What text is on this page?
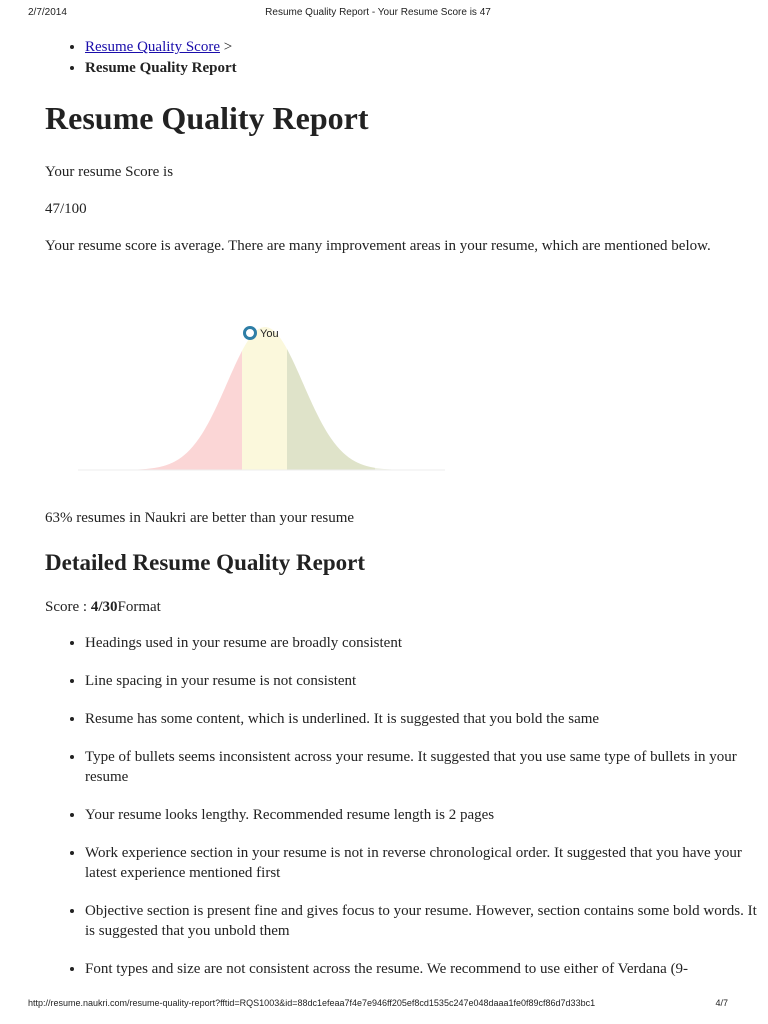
2/7/2014	Resume Quality Report - Your Resume Score is 47
• Resume Quality Score >
• Resume Quality Report
Resume Quality Report

Your resume Score is

47/100

Your resume score is average. There are many improvement areas in your resume, which are mentioned below.

You

63% resumes in Naukri are better than your resume

Detailed Resume Quality Report

Score : 4/30Format

• Headings used in your resume are broadly consistent
• Line spacing in your resume is not consistent
• Resume has some content, which is underlined. It is suggested that you bold the same
• Type of bullets seems inconsistent across your resume. It suggested that you use same type of bullets in your resume
• Your resume looks lengthy. Recommended resume length is 2 pages
• Work experience section in your resume is not in reverse chronological order. It suggested that you have your latest experience mentioned first
• Objective section is present fine and gives focus to your resume. However, section contains some bold words. It is suggested that you unbold them
• Font types and size are not consistent across the resume. We recommend to use either of Verdana (9-
http://resume.naukri.com/resume-quality-report?fftid=RQS1003&id=88dc1efeaa7f4e7e946ff205ef8cd1535c247e048daaa1fe0f89cf86d7d33bc1	4/7
